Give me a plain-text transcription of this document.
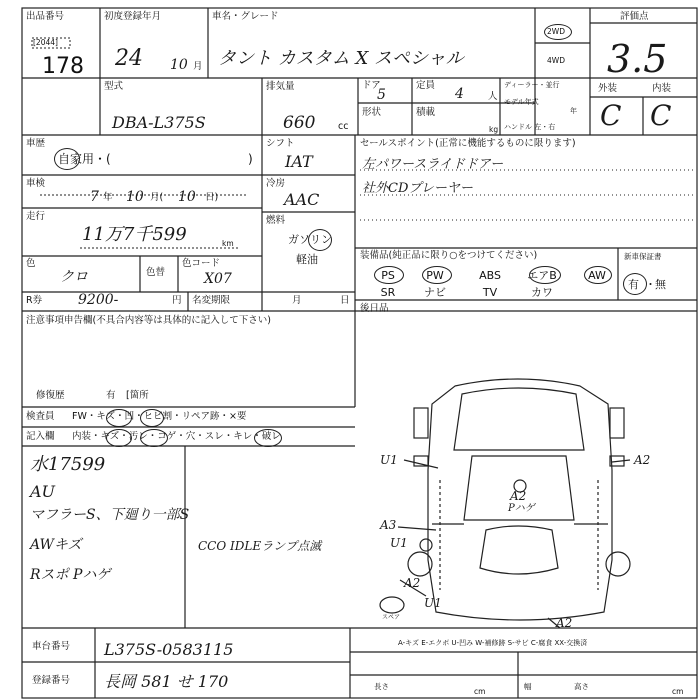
出品番号
[2044]
178
初度登録年月
24 10 月
車名・グレード
タント カスタム X スペシャル
2WD
4WD
評価点
3.5
型式
DBA-L375S
排気量
660 cc
ドア
5
形状
定員
4	人
積載
kg
ディーラー・並行
モデル年式
年
ハンドル 左・右
外装	内装
C C
車歴
自家用・(	)
車検
7 年 10 月( 10 日)
走行
11万7千599	km
色
クロ	色替
色コード
X07
R券	9200-	円 名変期限	月	日
シフト
IAT
冷房
AAC
燃料
ガソリン
軽油
セールスポイント(正常に機能するものに限ります)
左パワースライドドアー
社外CDプレーヤー
装備品(純正品に限り○をつけてください)
PS	PW	ABS	エアB	AW
SR	ナビ	TV	カワ
新車保証書
有 ・ 無
後日品
注意事項申告欄(不具合内容等は具体的に記入して下さい)
修復歴	有 [箇所
検査員
記入欄
FW・キズ・凹・ヒビ割・リペア跡・×要
内装・キズ・汚レ・コゲ・穴・スレ・キレ・破レ
水17599
AU
マフラーS、下廻り一部S
AWキズ
Rスポ Pハゲ
CCO IDLEランプ点滅
U1	A2
A2
Pハゲ
A3
U1
A2
U1
A2
スペア
車台番号 L375S-0583115
登録番号 長岡 581 せ 170
A-キズ E-エクボ U-凹み W-補修跡 S-サビ C-腐食 XX-交換済
長さ
cm
幅	高さ
cm
